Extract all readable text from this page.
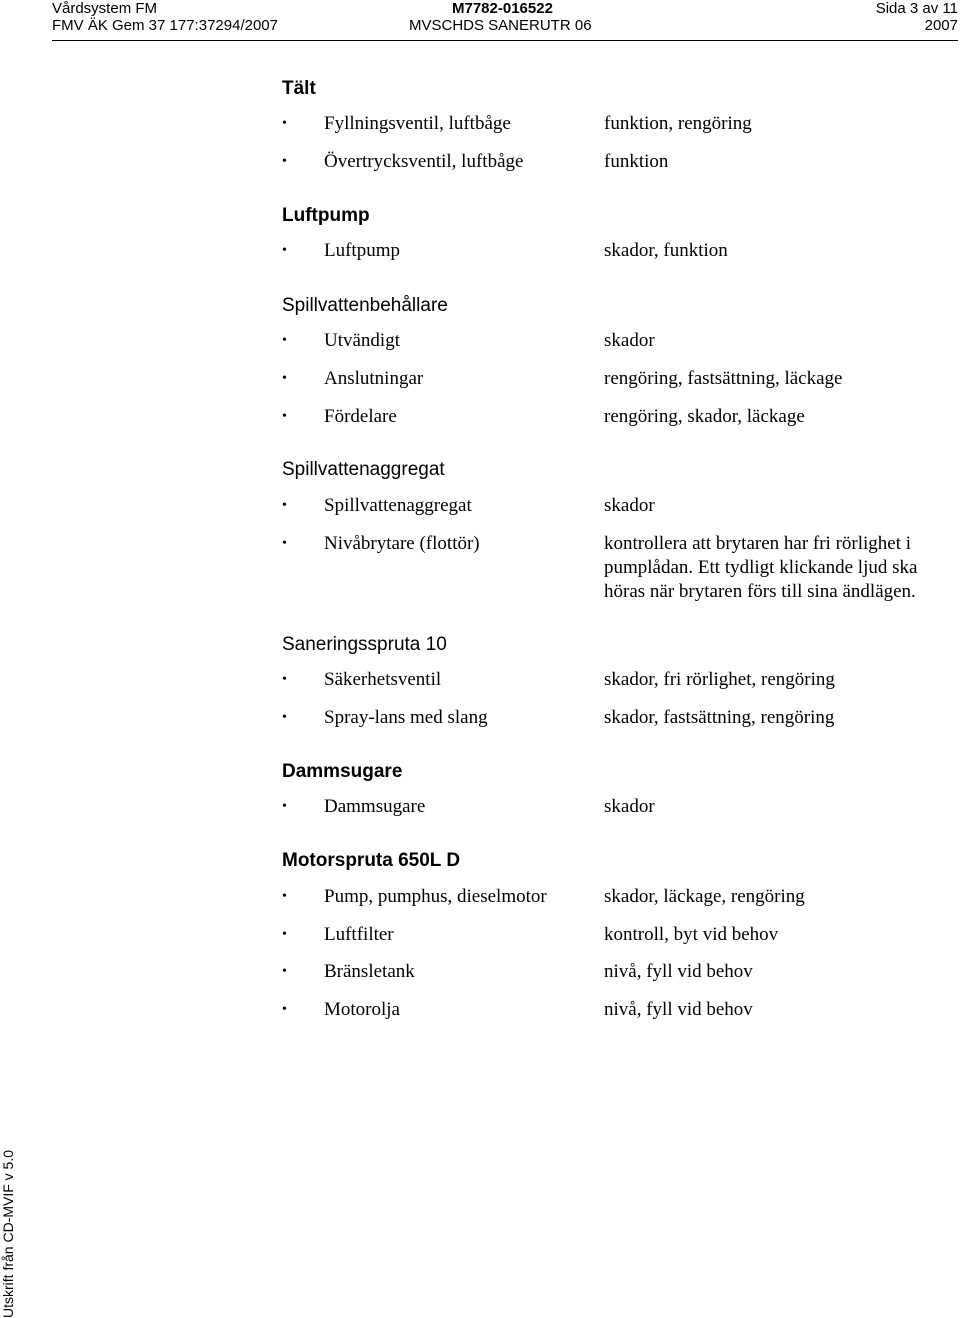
Vårdsystem FM
FMV ÄK Gem 37 177:37294/2007
M7782-016522
MVSCHDS SANERUTR 06
Sida 3 av 11
2007
Tält
• Fyllningsventil, luftbåge	funktion, rengöring
• Övertrycksventil, luftbåge	funktion
Luftpump
• Luftpump	skador, funktion
Spillvattenbehållare
• Utvändigt	skador
• Anslutningar	rengöring, fastsättning, läckage
• Fördelare	rengöring, skador, läckage
Spillvattenaggregat
• Spillvattenaggregat	skador
• Nivåbrytare (flottör)	kontrollera att brytaren har fri rörlighet i pumplådan. Ett tydligt klickande ljud ska höras när brytaren förs till sina ändlägen.
Saneringsspruta 10
• Säkerhetsventil	skador, fri rörlighet, rengöring
• Spray-lans med slang	skador, fastsättning, rengöring
Dammsugare
• Dammsugare	skador
Motorspruta 650L D
• Pump, pumphus, dieselmotor	skador, läckage, rengöring
• Luftfilter	kontroll, byt vid behov
• Bränsletank	nivå, fyll vid behov
• Motorolja	nivå, fyll vid behov
Utskrift från CD-MVIF v 5.0
